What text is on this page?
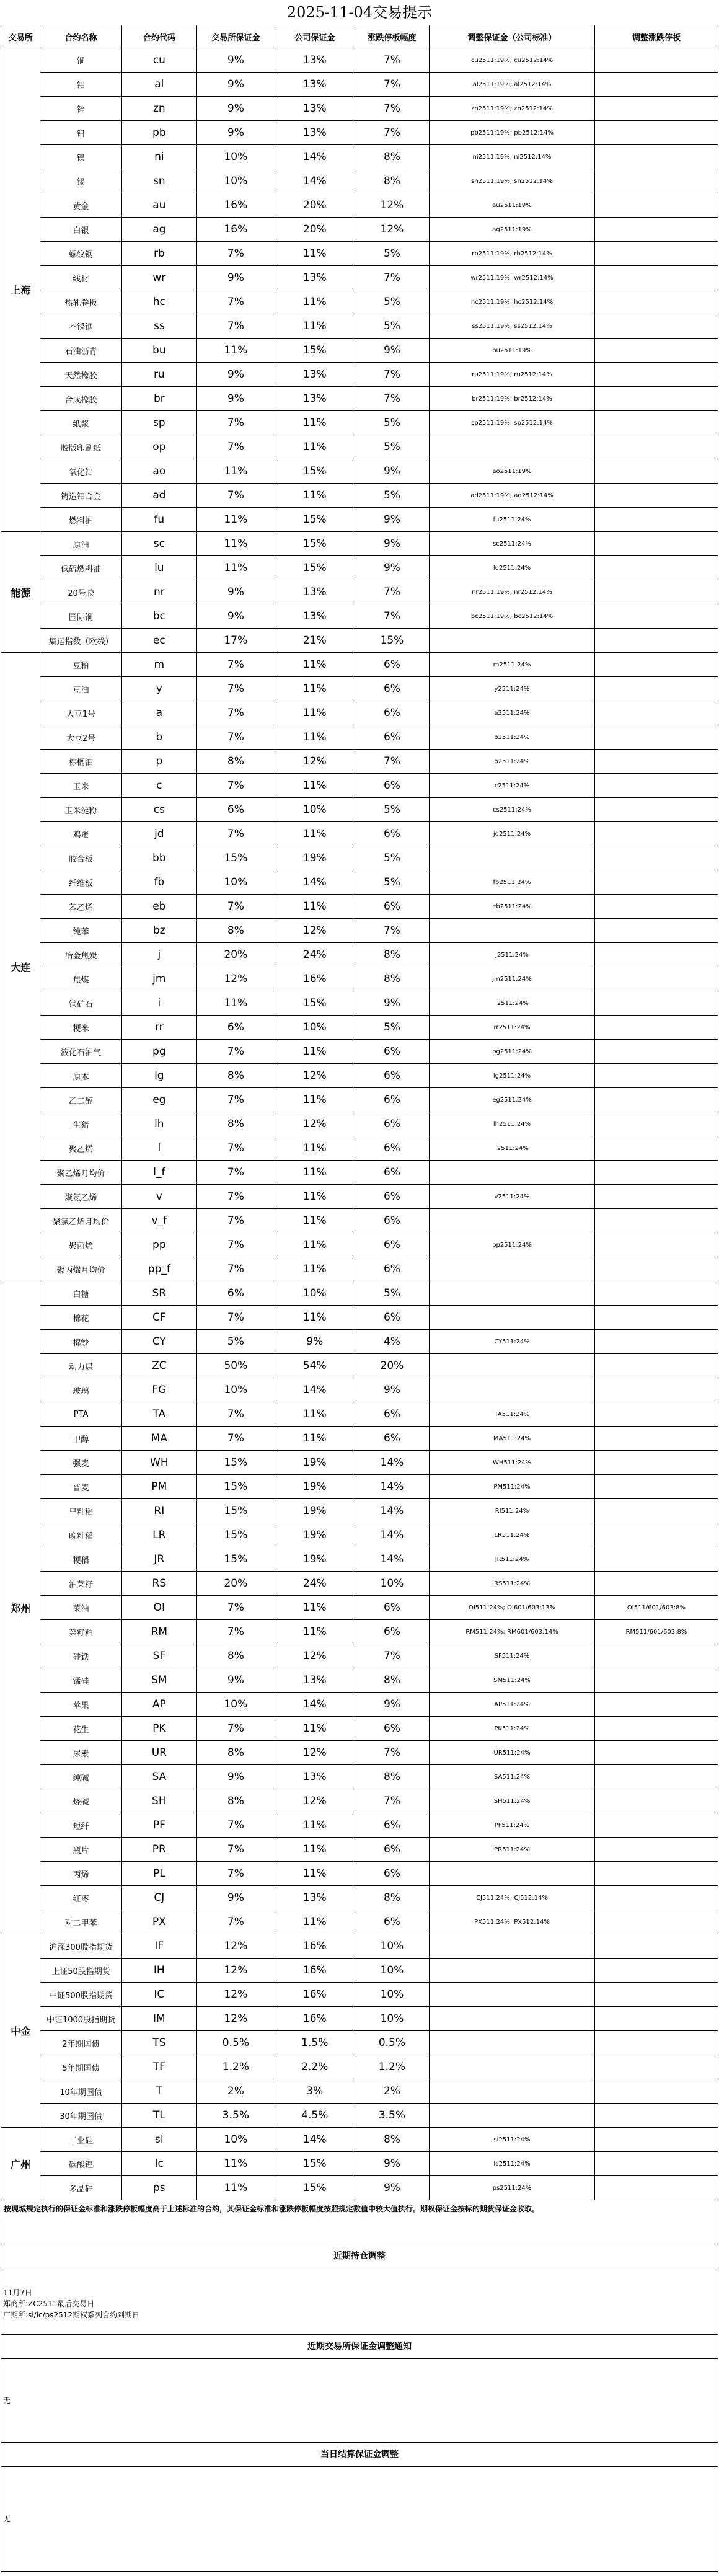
2025-11-04交易提示
交易所	合约名称	合约代码	交易所保证金	公司保证金	涨跌停板幅度	调整保证金（公司标准）	调整涨跌停板
上海	铜	cu	9%	13%	7%	cu2511:19%; cu2512:14%	
	铝	al	9%	13%	7%	al2511:19%; al2512:14%	
	锌	zn	9%	13%	7%	zn2511:19%; zn2512:14%	
	铅	pb	9%	13%	7%	pb2511:19%; pb2512:14%	
	镍	ni	10%	14%	8%	ni2511:19%; ni2512:14%	
	锡	sn	10%	14%	8%	sn2511:19%; sn2512:14%	
	黄金	au	16%	20%	12%	au2511:19%	
	白银	ag	16%	20%	12%	ag2511:19%	
	螺纹钢	rb	7%	11%	5%	rb2511:19%; rb2512:14%	
	线材	wr	9%	13%	7%	wr2511:19%; wr2512:14%	
	热轧卷板	hc	7%	11%	5%	hc2511:19%; hc2512:14%	
	不锈钢	ss	7%	11%	5%	ss2511:19%; ss2512:14%	
	石油沥青	bu	11%	15%	9%	bu2511:19%	
	天然橡胶	ru	9%	13%	7%	ru2511:19%; ru2512:14%	
	合成橡胶	br	9%	13%	7%	br2511:19%; br2512:14%	
	纸浆	sp	7%	11%	5%	sp2511:19%; sp2512:14%	
	胶版印刷纸	op	7%	11%	5%		
	氧化铝	ao	11%	15%	9%	ao2511:19%	
	铸造铝合金	ad	7%	11%	5%	ad2511:19%; ad2512:14%	
	燃料油	fu	11%	15%	9%	fu2511:24%	
能源	原油	sc	11%	15%	9%	sc2511:24%	
	低硫燃料油	lu	11%	15%	9%	lu2511:24%	
	20号胶	nr	9%	13%	7%	nr2511:19%; nr2512:14%	
	国际铜	bc	9%	13%	7%	bc2511:19%; bc2512:14%	
	集运指数（欧线）	ec	17%	21%	15%		
大连	豆粕	m	7%	11%	6%	m2511:24%	
	豆油	y	7%	11%	6%	y2511:24%	
	大豆1号	a	7%	11%	6%	a2511:24%	
	大豆2号	b	7%	11%	6%	b2511:24%	
	棕榈油	p	8%	12%	7%	p2511:24%	
	玉米	c	7%	11%	6%	c2511:24%	
	玉米淀粉	cs	6%	10%	5%	cs2511:24%	
	鸡蛋	jd	7%	11%	6%	jd2511:24%	
	胶合板	bb	15%	19%	5%		
	纤维板	fb	10%	14%	5%	fb2511:24%	
	苯乙烯	eb	7%	11%	6%	eb2511:24%	
	纯苯	bz	8%	12%	7%		
	冶金焦炭	j	20%	24%	8%	j2511:24%	
	焦煤	jm	12%	16%	8%	jm2511:24%	
	铁矿石	i	11%	15%	9%	i2511:24%	
	粳米	rr	6%	10%	5%	rr2511:24%	
	液化石油气	pg	7%	11%	6%	pg2511:24%	
	原木	lg	8%	12%	6%	lg2511:24%	
	乙二醇	eg	7%	11%	6%	eg2511:24%	
	生猪	lh	8%	12%	6%	lh2511:24%	
	聚乙烯	l	7%	11%	6%	l2511:24%	
	聚乙烯月均价	l_f	7%	11%	6%		
	聚氯乙烯	v	7%	11%	6%	v2511:24%	
	聚氯乙烯月均价	v_f	7%	11%	6%		
	聚丙烯	pp	7%	11%	6%	pp2511:24%	
	聚丙烯月均价	pp_f	7%	11%	6%		
郑州	白糖	SR	6%	10%	5%		
	棉花	CF	7%	11%	6%		
	棉纱	CY	5%	9%	4%	CY511:24%	
	动力煤	ZC	50%	54%	20%		
	玻璃	FG	10%	14%	9%		
	PTA	TA	7%	11%	6%	TA511:24%	
	甲醇	MA	7%	11%	6%	MA511:24%	
	强麦	WH	15%	19%	14%	WH511:24%	
	普麦	PM	15%	19%	14%	PM511:24%	
	早籼稻	RI	15%	19%	14%	RI511:24%	
	晚籼稻	LR	15%	19%	14%	LR511:24%	
	粳稻	JR	15%	19%	14%	JR511:24%	
	油菜籽	RS	20%	24%	10%	RS511:24%	
	菜油	OI	7%	11%	6%	OI511:24%; OI601/603:13%	OI511/601/603:8%
	菜籽粕	RM	7%	11%	6%	RM511:24%; RM601/603:14%	RM511/601/603:8%
	硅铁	SF	8%	12%	7%	SF511:24%	
	锰硅	SM	9%	13%	8%	SM511:24%	
	苹果	AP	10%	14%	9%	AP511:24%	
	花生	PK	7%	11%	6%	PK511:24%	
	尿素	UR	8%	12%	7%	UR511:24%	
	纯碱	SA	9%	13%	8%	SA511:24%	
	烧碱	SH	8%	12%	7%	SH511:24%	
	短纤	PF	7%	11%	6%	PF511:24%	
	瓶片	PR	7%	11%	6%	PR511:24%	
	丙烯	PL	7%	11%	6%		
	红枣	CJ	9%	13%	8%	CJ511:24%; CJ512:14%	
	对二甲苯	PX	7%	11%	6%	PX511:24%; PX512:14%	
中金	沪深300股指期货	IF	12%	16%	10%		
	上证50股指期货	IH	12%	16%	10%		
	中证500股指期货	IC	12%	16%	10%		
	中证1000股指期货	IM	12%	16%	10%		
	2年期国债	TS	0.5%	1.5%	0.5%		
	5年期国债	TF	1.2%	2.2%	1.2%		
	10年期国债	T	2%	3%	2%		
	30年期国债	TL	3.5%	4.5%	3.5%		
广州	工业硅	si	10%	14%	8%	si2511:24%	
	碳酸锂	lc	11%	15%	9%	lc2511:24%	
	多晶硅	ps	11%	15%	9%	ps2511:24%	
按现城规定执行的保证金标准和涨跌停板幅度高于上述标准的合约，其保证金标准和涨跌停板幅度按照规定数值中较大值执行。期权保证金按标的期货保证金收取。
近期持仓调整
11月7日
郑商所:ZC2511最后交易日
广期所:si/lc/ps2512期权系列合约到期日
近期交易所保证金调整通知
无
当日结算保证金调整
无
